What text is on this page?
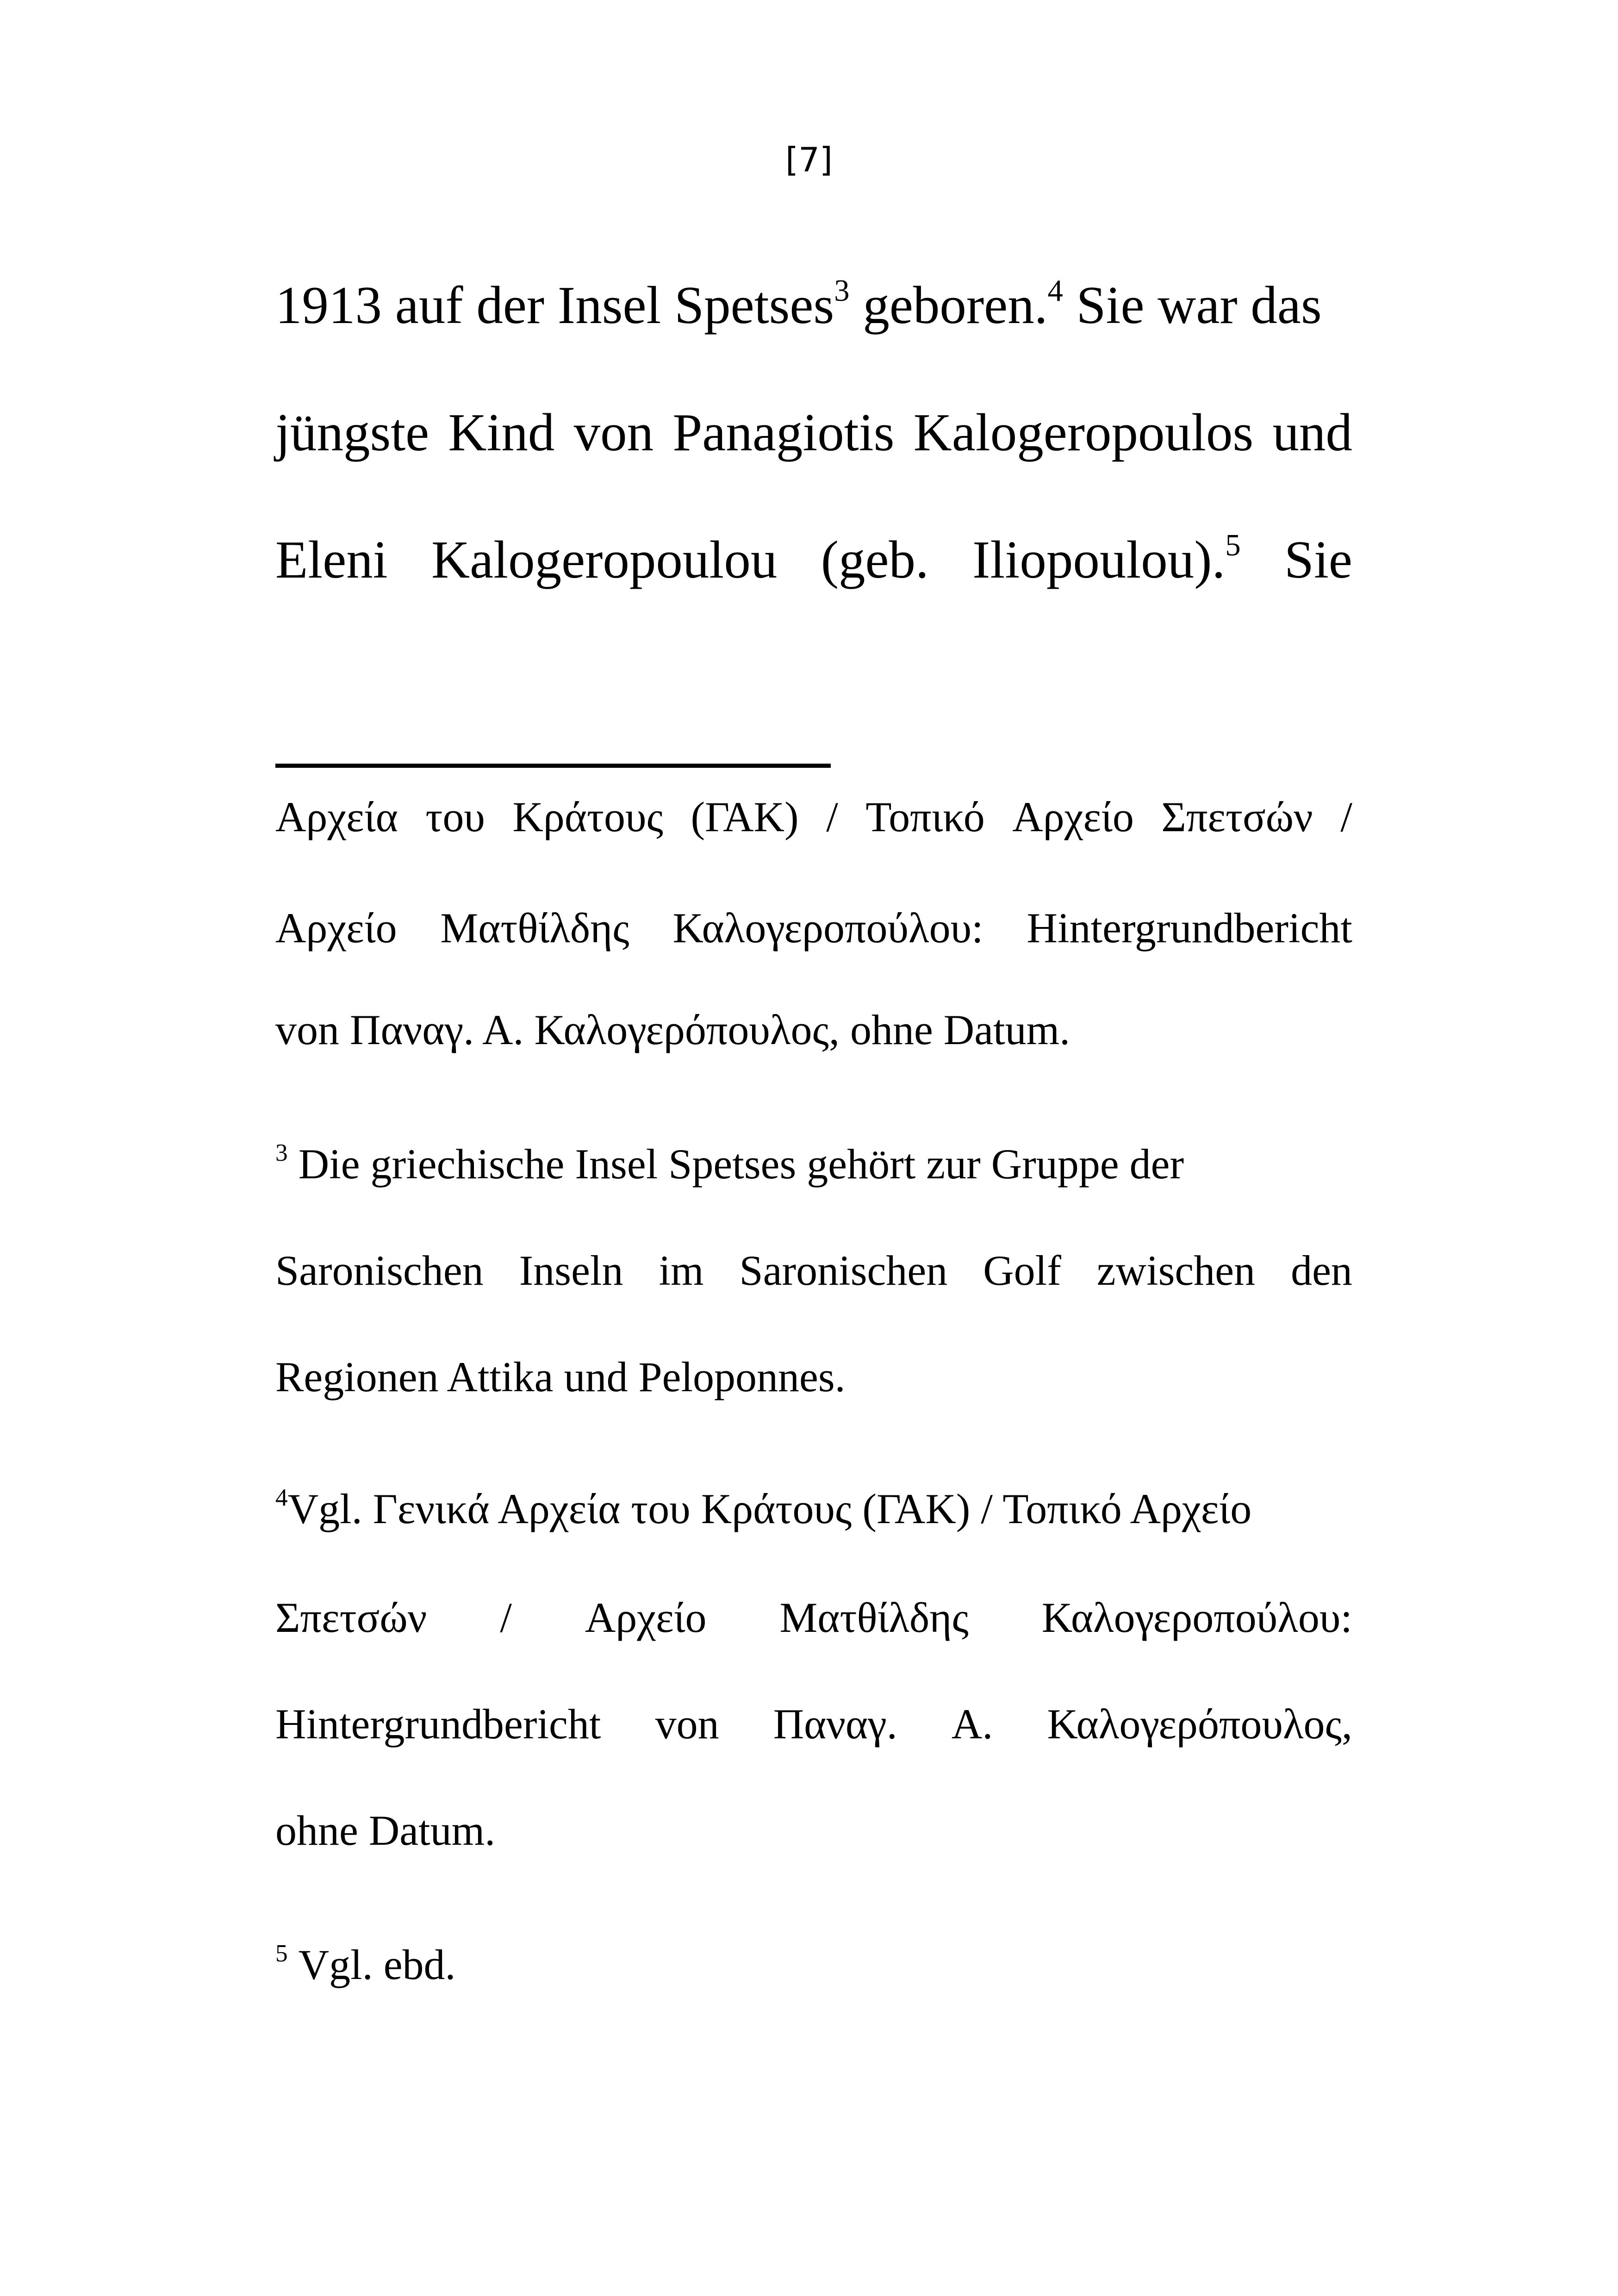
[7]
1913 auf der Insel Spetses$^3$ geboren.$^4$ Sie war das
jüngste Kind von Panagiotis Kalogeropoulos und
Eleni Kalogeropoulou (geb. Iliopoulou).$^5$ Sie
Αρχεία του Κράτους (ΓΑΚ) / Τοπικό Αρχείο Σπετσών /
Αρχείο Ματθίλδης Καλογεροπούλου: Hintergrundbericht
von Παναγ. Α. Καλογερόπουλος, ohne Datum.
$^3$ Die griechische Insel Spetses gehört zur Gruppe der
Saronischen Inseln im Saronischen Golf zwischen den
Regionen Attika und Peloponnes.
$^4$Vgl. Γενικά Αρχεία του Κράτους (ΓΑΚ) / Τοπικό Αρχείο
Σπετσών / Αρχείο Ματθίλδης Καλογεροπούλου:
Hintergrundbericht von Παναγ. Α. Καλογερόπουλος,
ohne Datum.
$^5$ Vgl. ebd.
